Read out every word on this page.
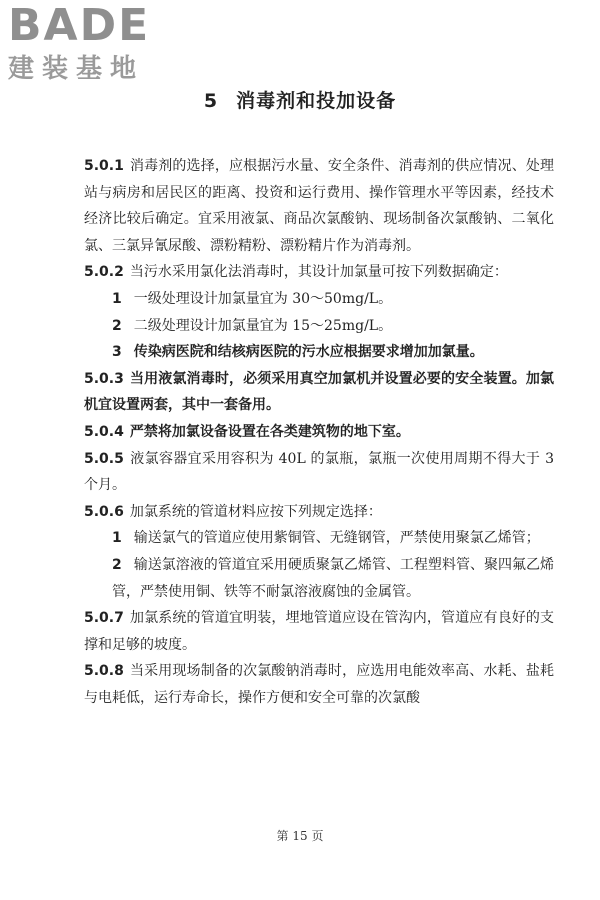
BADE
建装基地
5 消毒剂和投加设备

5.0.1 消毒剂的选择，应根据污水量、安全条件、消毒剂的供应情况、处理站与病房和居民区的距离、投资和运行费用、操作管理水平等因素，经技术经济比较后确定。宜采用液氯、商品次氯酸钠、现场制备次氯酸钠、二氧化氯、三氯异氰尿酸、漂粉精粉、漂粉精片作为消毒剂。

5.0.2 当污水采用氯化法消毒时，其设计加氯量可按下列数据确定：

1 一级处理设计加氯量宜为 30～50mg/L。

2 二级处理设计加氯量宜为 15～25mg/L。

3 传染病医院和结核病医院的污水应根据要求增加加氯量。

5.0.3 当用液氯消毒时，必须采用真空加氯机并设置必要的安全装置。加氯机宜设置两套，其中一套备用。

5.0.4 严禁将加氯设备设置在各类建筑物的地下室。

5.0.5 液氯容器宜采用容积为 40L 的氯瓶，氯瓶一次使用周期不得大于 3 个月。

5.0.6 加氯系统的管道材料应按下列规定选择：

1 输送氯气的管道应使用紫铜管、无缝钢管，严禁使用聚氯乙烯管；

2 输送氯溶液的管道宜采用硬质聚氯乙烯管、工程塑料管、聚四氟乙烯管，严禁使用铜、铁等不耐氯溶液腐蚀的金属管。

5.0.7 加氯系统的管道宜明装，埋地管道应设在管沟内，管道应有良好的支撑和足够的坡度。

5.0.8 当采用现场制备的次氯酸钠消毒时，应选用电能效率高、水耗、盐耗与电耗低，运行寿命长，操作方便和安全可靠的次氯酸

第 15 页
